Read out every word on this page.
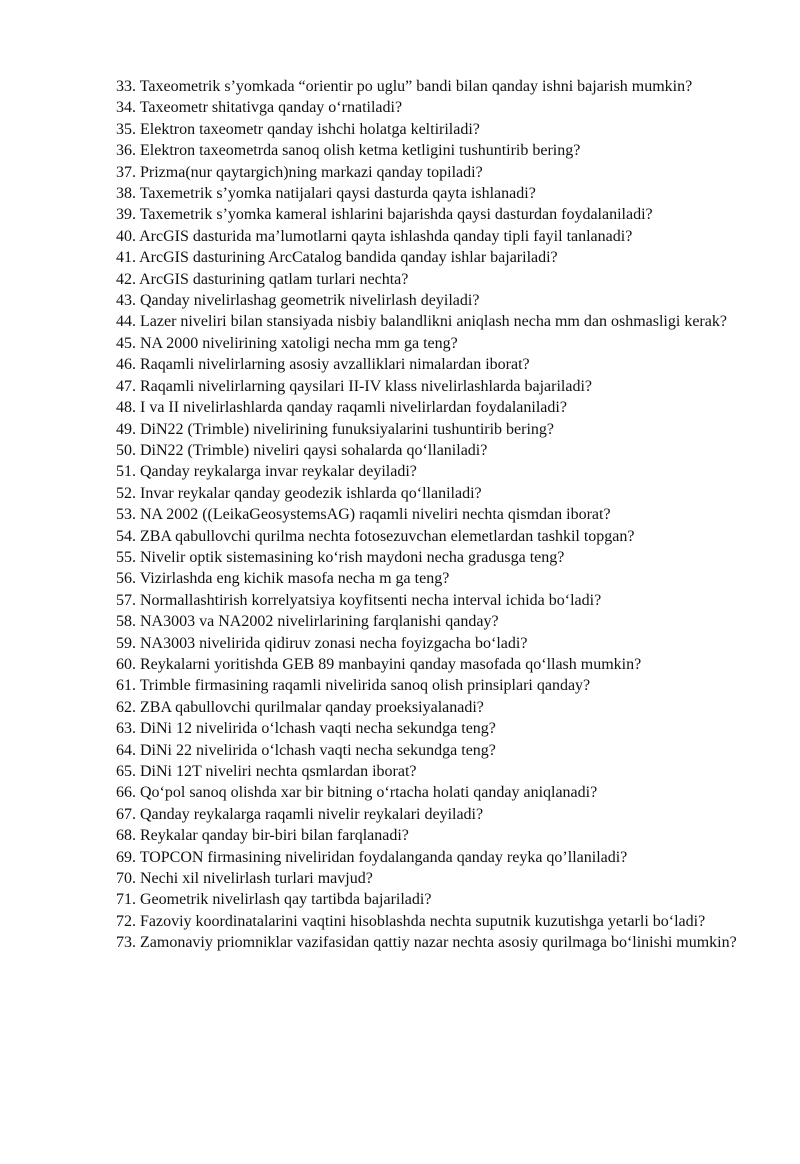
33. Taxeometrik s’yomkada “orientir po uglu” bandi bilan qanday ishni bajarish mumkin?

34. Taxeometr shitativga qanday o‘rnatiladi?

35. Elektron taxeometr qanday ishchi holatga keltiriladi?

36. Elektron taxeometrda sanoq olish ketma ketligini tushuntirib bering?

37. Prizma(nur qaytargich)ning markazi qanday topiladi?

38. Taxemetrik s’yomka natijalari qaysi dasturda qayta ishlanadi?

39. Taxemetrik s’yomka kameral ishlarini bajarishda qaysi dasturdan foydalaniladi?

40. ArcGIS dasturida ma’lumotlarni qayta ishlashda qanday tipli fayil tanlanadi?

41. ArcGIS dasturining ArcCatalog bandida qanday ishlar bajariladi?

42. ArcGIS dasturining qatlam turlari nechta?

43. Qanday nivelirlashag geometrik nivelirlash deyiladi?

44. Lazer niveliri bilan stansiyada nisbiy balandlikni aniqlash necha mm dan oshmasligi kerak?

45. NA 2000 nivelirining xatoligi necha mm ga teng?

46. Raqamli nivelirlarning asosiy avzalliklari nimalardan iborat?

47. Raqamli nivelirlarning qaysilari II-IV klass nivelirlashlarda bajariladi?

48. I va II nivelirlashlarda qanday raqamli nivelirlardan foydalaniladi?

49. DiN22 (Trimble) nivelirining funuksiyalarini tushuntirib bering?

50. DiN22 (Trimble) niveliri qaysi sohalarda qo‘llaniladi?

51. Qanday reykalarga invar reykalar deyiladi?

52. Invar reykalar qanday geodezik ishlarda qo‘llaniladi?

53. NA 2002 ((LeikaGeosystemsAG) raqamli niveliri nechta qismdan iborat?

54. ZBA qabullovchi qurilma nechta fotosezuvchan elemetlardan tashkil topgan?

55. Nivelir optik sistemasining ko‘rish maydoni necha gradusga teng?

56. Vizirlashda eng kichik masofa necha m ga teng?

57. Normallashtirish korrelyatsiya koyfitsenti necha interval ichida bo‘ladi?

58. NA3003 va NA2002 nivelirlarining farqlanishi qanday?

59. NA3003 nivelirida qidiruv zonasi necha foyizgacha bo‘ladi?

60. Reykalarni yoritishda GEB 89 manbayini qanday masofada qo‘llash mumkin?

61. Trimble firmasining raqamli nivelirida sanoq olish prinsiplari qanday?

62. ZBA qabullovchi qurilmalar qanday proeksiyalanadi?

63. DiNi 12 nivelirida o‘lchash vaqti necha sekundga teng?

64. DiNi 22 nivelirida o‘lchash vaqti necha sekundga teng?

65. DiNi 12T niveliri nechta qsmlardan iborat?

66. Qo‘pol sanoq olishda xar bir bitning o‘rtacha holati qanday aniqlanadi?

67. Qanday reykalarga raqamli nivelir reykalari deyiladi?

68. Reykalar qanday bir-biri bilan farqlanadi?

69. TOPCON firmasining niveliridan foydalanganda qanday reyka qo’llaniladi?

70. Nechi xil nivelirlash turlari mavjud?

71. Geometrik nivelirlash qay tartibda bajariladi?

72. Fazoviy koordinatalarini vaqtini hisoblashda nechta suputnik kuzutishga yetarli bo‘ladi?

73. Zamonaviy priomniklar vazifasidan qattiy nazar nechta asosiy qurilmaga bo‘linishi mumkin?
